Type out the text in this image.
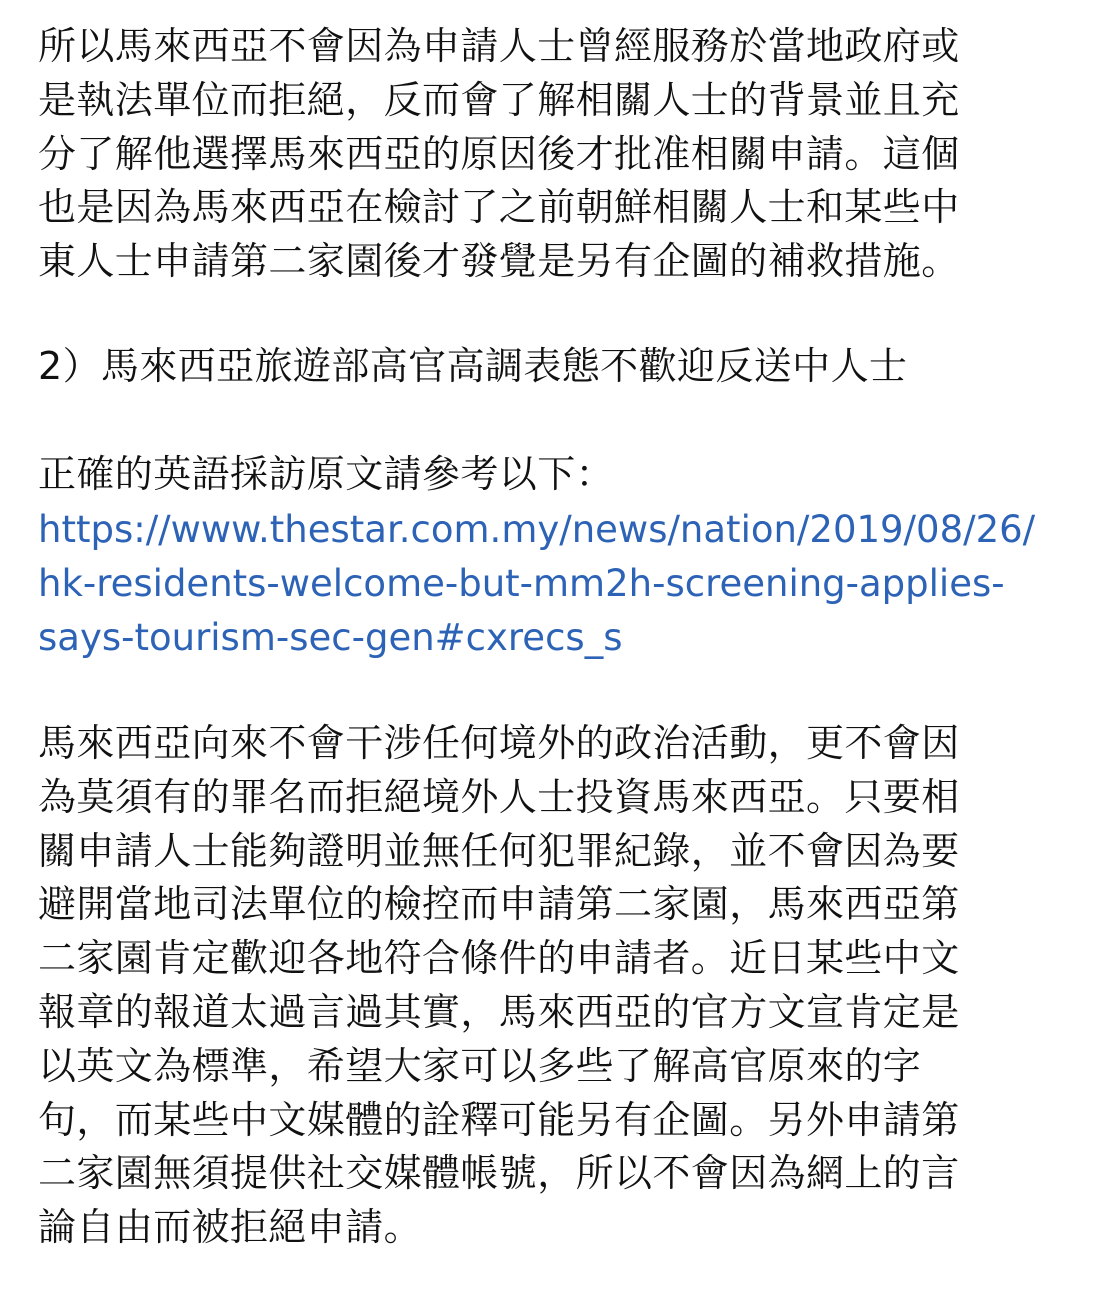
所以馬來西亞不會因為申請人士曾經服務於當地政府或
是執法單位而拒絕，反而會了解相關人士的背景並且充
分了解他選擇馬來西亞的原因後才批准相關申請。這個
也是因為馬來西亞在檢討了之前朝鮮相關人士和某些中
東人士申請第二家園後才發覺是另有企圖的補救措施。

2）馬來西亞旅遊部高官高調表態不歡迎反送中人士

正確的英語採訪原文請參考以下：

https://www.thestar.com.my/news/nation/2019/08/26/
hk-residents-welcome-but-mm2h-screening-applies-
says-tourism-sec-gen#cxrecs_s

馬來西亞向來不會干涉任何境外的政治活動，更不會因
為莫須有的罪名而拒絕境外人士投資馬來西亞。只要相
關申請人士能夠證明並無任何犯罪紀錄，並不會因為要
避開當地司法單位的檢控而申請第二家園，馬來西亞第
二家園肯定歡迎各地符合條件的申請者。近日某些中文
報章的報道太過言過其實，馬來西亞的官方文宣肯定是
以英文為標準，希望大家可以多些了解高官原來的字
句，而某些中文媒體的詮釋可能另有企圖。另外申請第
二家園無須提供社交媒體帳號，所以不會因為網上的言
論自由而被拒絕申請。
